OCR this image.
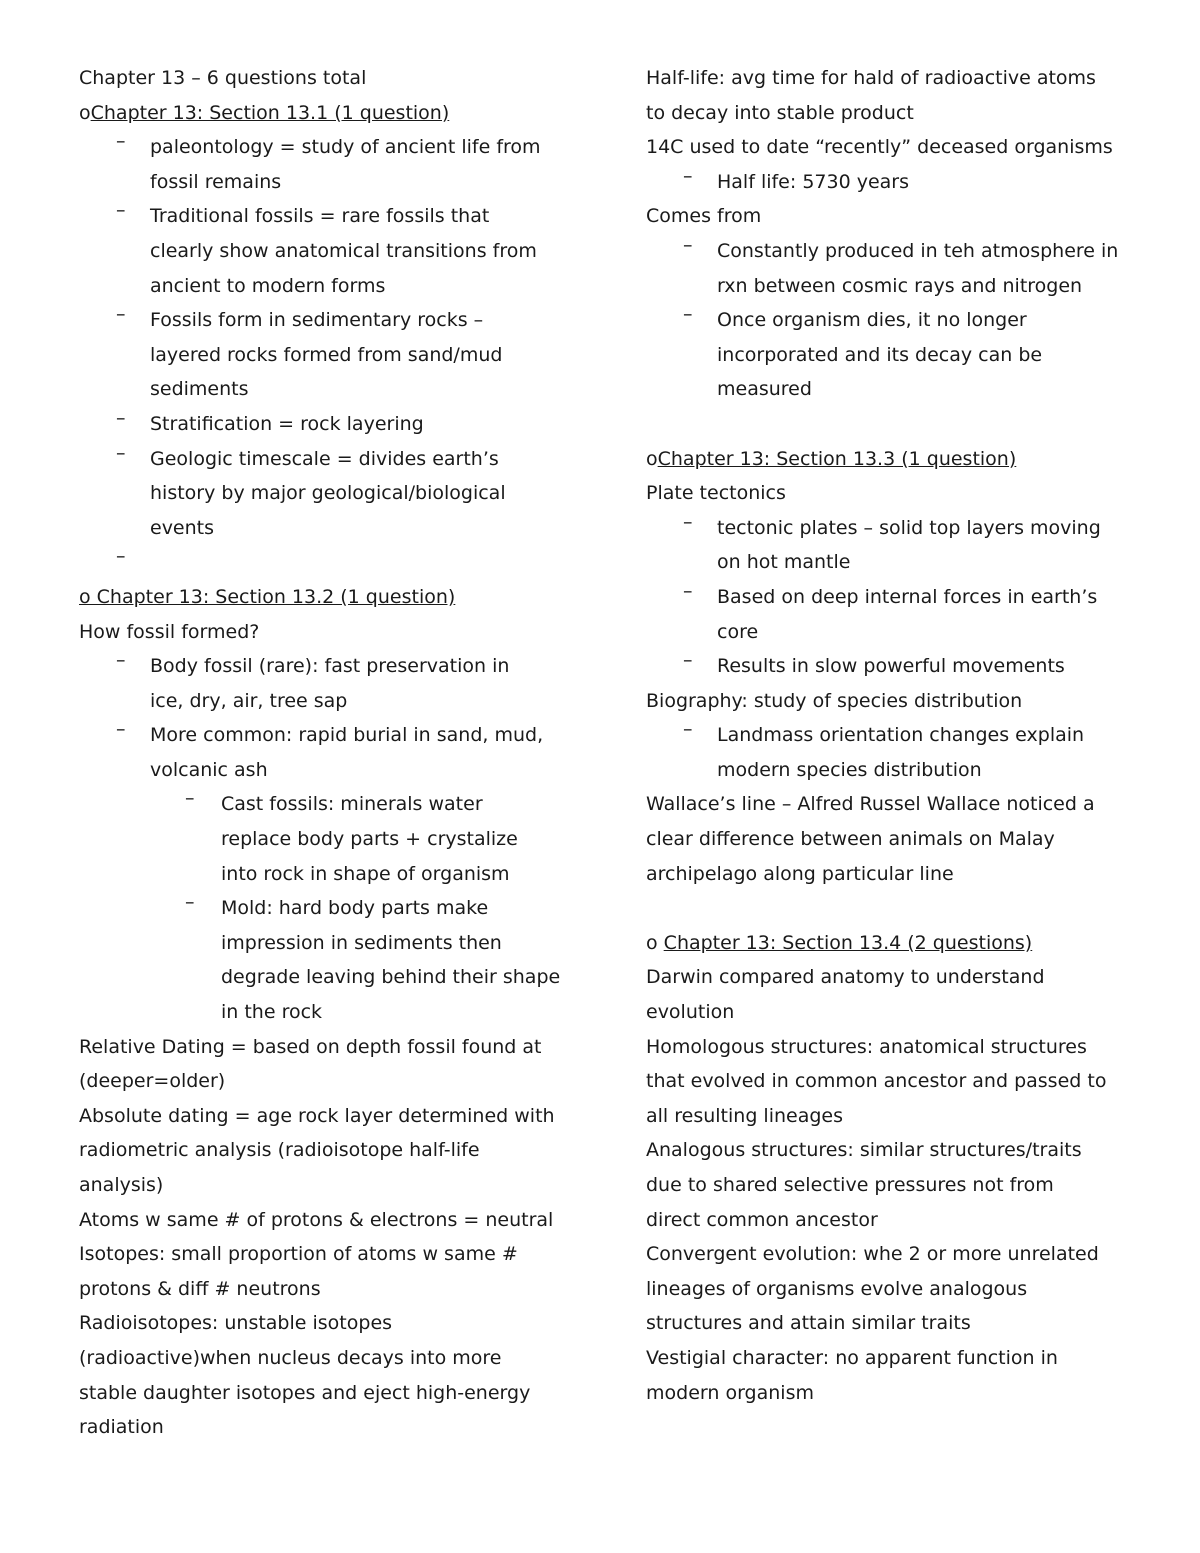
Chapter 13 – 6 questions total
oChapter 13: Section 13.1 (1 question)
– paleontology = study of ancient life from
fossil remains
– Traditional fossils = rare fossils that
clearly show anatomical transitions from
ancient to modern forms
– Fossils form in sedimentary rocks –
layered rocks formed from sand/mud
sediments
– Stratification = rock layering
– Geologic timescale = divides earth’s
history by major geological/biological
events
–
o Chapter 13: Section 13.2 (1 question)
How fossil formed?
– Body fossil (rare): fast preservation in
ice, dry, air, tree sap
– More common: rapid burial in sand, mud,
volcanic ash
– Cast fossils: minerals water
replace body parts + crystalize
into rock in shape of organism
– Mold: hard body parts make
impression in sediments then
degrade leaving behind their shape
in the rock
Relative Dating = based on depth fossil found at
(deeper=older)
Absolute dating = age rock layer determined with
radiometric analysis (radioisotope half-life
analysis)
Atoms w same # of protons & electrons = neutral
Isotopes: small proportion of atoms w same #
protons & diff # neutrons
Radioisotopes: unstable isotopes
(radioactive)when nucleus decays into more
stable daughter isotopes and eject high-energy
radiation
Half-life: avg time for hald of radioactive atoms
to decay into stable product
14C used to date “recently” deceased organisms
– Half life: 5730 years
Comes from
– Constantly produced in teh atmosphere in
rxn between cosmic rays and nitrogen
– Once organism dies, it no longer
incorporated and its decay can be
measured
oChapter 13: Section 13.3 (1 question)
Plate tectonics
– tectonic plates – solid top layers moving
on hot mantle
– Based on deep internal forces in earth’s
core
– Results in slow powerful movements
Biography: study of species distribution
– Landmass orientation changes explain
modern species distribution
Wallace’s line – Alfred Russel Wallace noticed a
clear difference between animals on Malay
archipelago along particular line
o Chapter 13: Section 13.4 (2 questions)
Darwin compared anatomy to understand
evolution
Homologous structures: anatomical structures
that evolved in common ancestor and passed to
all resulting lineages
Analogous structures: similar structures/traits
due to shared selective pressures not from
direct common ancestor
Convergent evolution: whe 2 or more unrelated
lineages of organisms evolve analogous
structures and attain similar traits
Vestigial character: no apparent function in
modern organism
